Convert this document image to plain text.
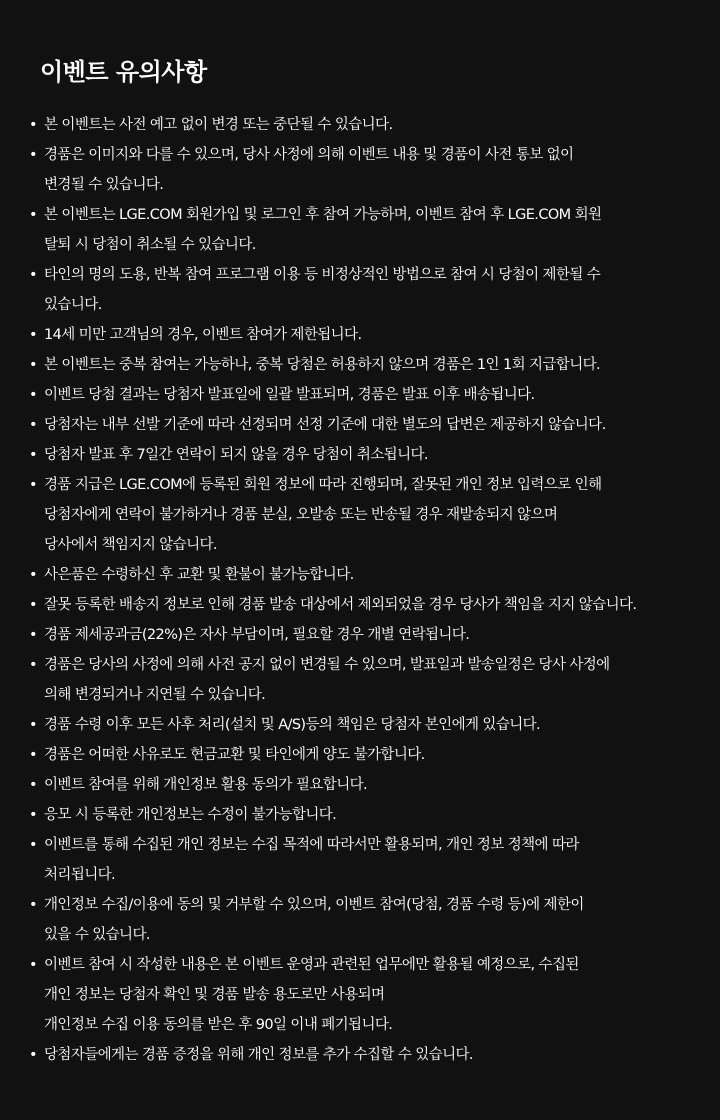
이벤트 유의사항
• 본 이벤트는 사전 예고 없이 변경 또는 중단될 수 있습니다.
• 경품은 이미지와 다를 수 있으며, 당사 사정에 의해 이벤트 내용 및 경품이 사전 통보 없이
변경될 수 있습니다.
• 본 이벤트는 LGE.COM 회원가입 및 로그인 후 참여 가능하며, 이벤트 참여 후 LGE.COM 회원
탈퇴 시 당첨이 취소될 수 있습니다.
• 타인의 명의 도용, 반복 참여 프로그램 이용 등 비정상적인 방법으로 참여 시 당첨이 제한될 수
있습니다.
• 14세 미만 고객님의 경우, 이벤트 참여가 제한됩니다.
• 본 이벤트는 중복 참여는 가능하나, 중복 당첨은 허용하지 않으며 경품은 1인 1회 지급합니다.
• 이벤트 당첨 결과는 당첨자 발표일에 일괄 발표되며, 경품은 발표 이후 배송됩니다.
• 당첨자는 내부 선발 기준에 따라 선정되며 선정 기준에 대한 별도의 답변은 제공하지 않습니다.
• 당첨자 발표 후 7일간 연락이 되지 않을 경우 당첨이 취소됩니다.
• 경품 지급은 LGE.COM에 등록된 회원 정보에 따라 진행되며, 잘못된 개인 정보 입력으로 인해
당첨자에게 연락이 불가하거나 경품 분실, 오발송 또는 반송될 경우 재발송되지 않으며
당사에서 책임지지 않습니다.
• 사은품은 수령하신 후 교환 및 환불이 불가능합니다.
• 잘못 등록한 배송지 정보로 인해 경품 발송 대상에서 제외되었을 경우 당사가 책임을 지지 않습니다.
• 경품 제세공과금(22%)은 자사 부담이며, 필요할 경우 개별 연락됩니다.
• 경품은 당사의 사정에 의해 사전 공지 없이 변경될 수 있으며, 발표일과 발송일정은 당사 사정에
의해 변경되거나 지연될 수 있습니다.
• 경품 수령 이후 모든 사후 처리(설치 및 A/S)등의 책임은 당첨자 본인에게 있습니다.
• 경품은 어떠한 사유로도 현금교환 및 타인에게 양도 불가합니다.
• 이벤트 참여를 위해 개인정보 활용 동의가 필요합니다.
• 응모 시 등록한 개인정보는 수정이 불가능합니다.
• 이벤트를 통해 수집된 개인 정보는 수집 목적에 따라서만 활용되며, 개인 정보 정책에 따라
처리됩니다.
• 개인정보 수집/이용에 동의 및 거부할 수 있으며, 이벤트 참여(당첨, 경품 수령 등)에 제한이
있을 수 있습니다.
• 이벤트 참여 시 작성한 내용은 본 이벤트 운영과 관련된 업무에만 활용될 예정으로, 수집된
개인 정보는 당첨자 확인 및 경품 발송 용도로만 사용되며
개인정보 수집 이용 동의를 받은 후 90일 이내 폐기됩니다.
• 당첨자들에게는 경품 증정을 위해 개인 정보를 추가 수집할 수 있습니다.
